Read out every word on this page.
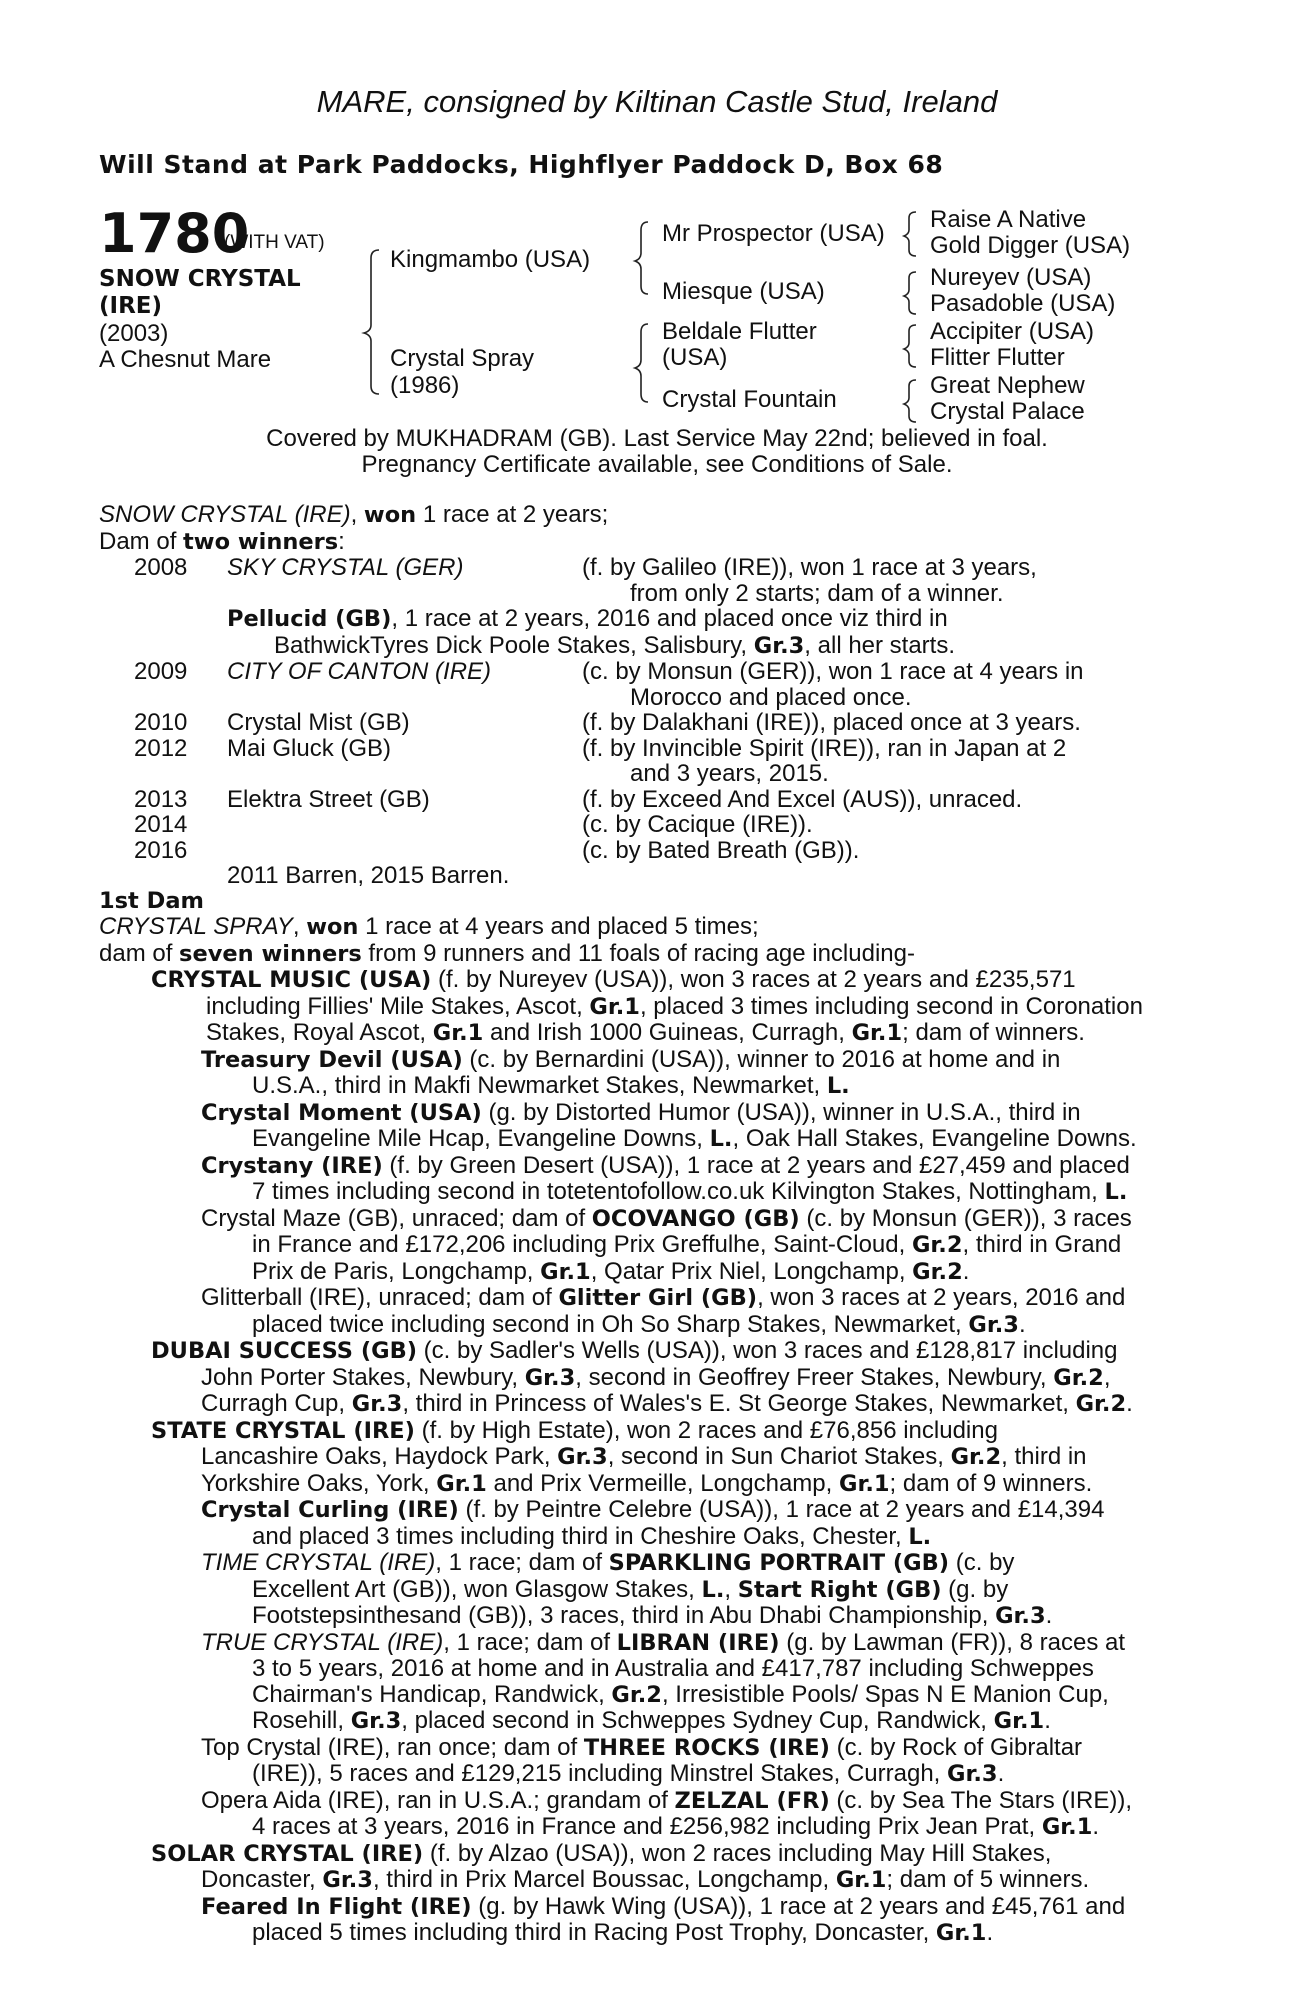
MARE, consigned by Kiltinan Castle Stud, Ireland
Will Stand at Park Paddocks, Highflyer Paddock D, Box 68
1780
(WITH VAT)
SNOW CRYSTAL
(IRE)
(2003)
A Chesnut Mare
Kingmambo (USA)
Crystal Spray
(1986)
Mr Prospector (USA)
Miesque (USA)
Beldale Flutter
(USA)
Crystal Fountain
Raise A Native
Gold Digger (USA)
Nureyev (USA)
Pasadoble (USA)
Accipiter (USA)
Flitter Flutter
Great Nephew
Crystal Palace
Covered by MUKHADRAM (GB). Last Service May 22nd; believed in foal.
Pregnancy Certificate available, see Conditions of Sale.
SNOW CRYSTAL (IRE), won 1 race at 2 years;
Dam of two winners:
2008 SKY CRYSTAL (GER)	(f. by Galileo (IRE)), won 1 race at 3 years,
from only 2 starts; dam of a winner.
Pellucid (GB), 1 race at 2 years, 2016 and placed once viz third in
BathwickTyres Dick Poole Stakes, Salisbury, Gr.3, all her starts.
2009 CITY OF CANTON (IRE)	(c. by Monsun (GER)), won 1 race at 4 years in
Morocco and placed once.
2010 Crystal Mist (GB)	(f. by Dalakhani (IRE)), placed once at 3 years.
2012 Mai Gluck (GB)	(f. by Invincible Spirit (IRE)), ran in Japan at 2
and 3 years, 2015.
2013 Elektra Street (GB)	(f. by Exceed And Excel (AUS)), unraced.
2014	(c. by Cacique (IRE)).
2016	(c. by Bated Breath (GB)).
2011 Barren, 2015 Barren.
1st Dam
CRYSTAL SPRAY, won 1 race at 4 years and placed 5 times;
dam of seven winners from 9 runners and 11 foals of racing age including-
CRYSTAL MUSIC (USA) (f. by Nureyev (USA)), won 3 races at 2 years and £235,571
including Fillies' Mile Stakes, Ascot, Gr.1, placed 3 times including second in Coronation
Stakes, Royal Ascot, Gr.1 and Irish 1000 Guineas, Curragh, Gr.1; dam of winners.
Treasury Devil (USA) (c. by Bernardini (USA)), winner to 2016 at home and in
U.S.A., third in Makfi Newmarket Stakes, Newmarket, L.
Crystal Moment (USA) (g. by Distorted Humor (USA)), winner in U.S.A., third in
Evangeline Mile Hcap, Evangeline Downs, L., Oak Hall Stakes, Evangeline Downs.
Crystany (IRE) (f. by Green Desert (USA)), 1 race at 2 years and £27,459 and placed
7 times including second in totetentofollow.co.uk Kilvington Stakes, Nottingham, L.
Crystal Maze (GB), unraced; dam of OCOVANGO (GB) (c. by Monsun (GER)), 3 races
in France and £172,206 including Prix Greffulhe, Saint-Cloud, Gr.2, third in Grand
Prix de Paris, Longchamp, Gr.1, Qatar Prix Niel, Longchamp, Gr.2.
Glitterball (IRE), unraced; dam of Glitter Girl (GB), won 3 races at 2 years, 2016 and
placed twice including second in Oh So Sharp Stakes, Newmarket, Gr.3.
DUBAI SUCCESS (GB) (c. by Sadler's Wells (USA)), won 3 races and £128,817 including
John Porter Stakes, Newbury, Gr.3, second in Geoffrey Freer Stakes, Newbury, Gr.2,
Curragh Cup, Gr.3, third in Princess of Wales's E. St George Stakes, Newmarket, Gr.2.
STATE CRYSTAL (IRE) (f. by High Estate), won 2 races and £76,856 including
Lancashire Oaks, Haydock Park, Gr.3, second in Sun Chariot Stakes, Gr.2, third in
Yorkshire Oaks, York, Gr.1 and Prix Vermeille, Longchamp, Gr.1; dam of 9 winners.
Crystal Curling (IRE) (f. by Peintre Celebre (USA)), 1 race at 2 years and £14,394
and placed 3 times including third in Cheshire Oaks, Chester, L.
TIME CRYSTAL (IRE), 1 race; dam of SPARKLING PORTRAIT (GB) (c. by
Excellent Art (GB)), won Glasgow Stakes, L., Start Right (GB) (g. by
Footstepsinthesand (GB)), 3 races, third in Abu Dhabi Championship, Gr.3.
TRUE CRYSTAL (IRE), 1 race; dam of LIBRAN (IRE) (g. by Lawman (FR)), 8 races at
3 to 5 years, 2016 at home and in Australia and £417,787 including Schweppes
Chairman's Handicap, Randwick, Gr.2, Irresistible Pools/ Spas N E Manion Cup,
Rosehill, Gr.3, placed second in Schweppes Sydney Cup, Randwick, Gr.1.
Top Crystal (IRE), ran once; dam of THREE ROCKS (IRE) (c. by Rock of Gibraltar
(IRE)), 5 races and £129,215 including Minstrel Stakes, Curragh, Gr.3.
Opera Aida (IRE), ran in U.S.A.; grandam of ZELZAL (FR) (c. by Sea The Stars (IRE)),
4 races at 3 years, 2016 in France and £256,982 including Prix Jean Prat, Gr.1.
SOLAR CRYSTAL (IRE) (f. by Alzao (USA)), won 2 races including May Hill Stakes,
Doncaster, Gr.3, third in Prix Marcel Boussac, Longchamp, Gr.1; dam of 5 winners.
Feared In Flight (IRE) (g. by Hawk Wing (USA)), 1 race at 2 years and £45,761 and
placed 5 times including third in Racing Post Trophy, Doncaster, Gr.1.
